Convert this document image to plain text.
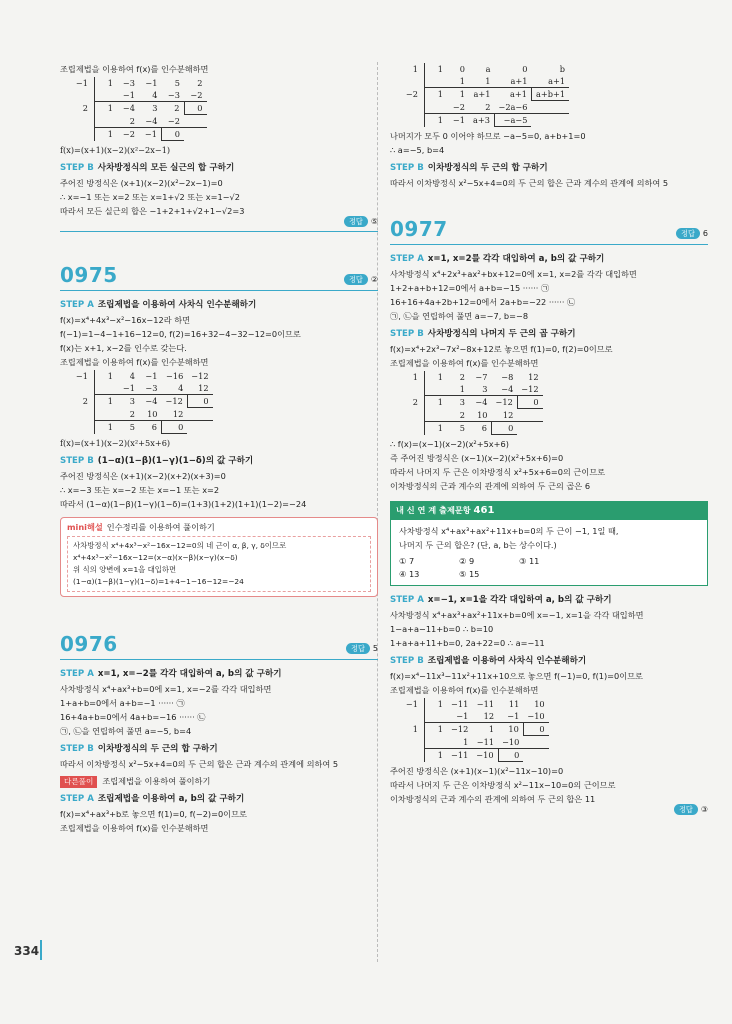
조립제법을 이용하여 f(x)를 인수분해하면
−1	1	−3	−1	5	2
		−1	4	−3	−2
2	1	−4	3	2	0
		2	−4	−2	
	1	−2	−1	0	
f(x)=(x+1)(x−2)(x²−2x−1)
STEP B 사차방정식의 모든 실근의 합 구하기
주어진 방정식은 (x+1)(x−2)(x²−2x−1)=0
∴ x=−1 또는 x=2 또는 x=1+√2 또는 x=1−√2
따라서 모든 실근의 합은 −1+2+1+√2+1−√2=3
정답 ⑤
0975	정답 ②
STEP A 조립제법을 이용하여 사차식 인수분해하기
f(x)=x⁴+4x³−x²−16x−12라 하면
f(−1)=1−4−1+16−12=0, f(2)=16+32−4−32−12=0이므로
f(x)는 x+1, x−2를 인수로 갖는다.
조립제법을 이용하여 f(x)를 인수분해하면
−1	1	4	−1	−16	−12
		−1	−3	4	12
2	1	3	−4	−12	0
		2	10	12	
	1	5	6	0	
f(x)=(x+1)(x−2)(x²+5x+6)
STEP B (1−α)(1−β)(1−γ)(1−δ)의 값 구하기
주어진 방정식은 (x+1)(x−2)(x+2)(x+3)=0
∴ x=−3 또는 x=−2 또는 x=−1 또는 x=2
따라서 (1−α)(1−β)(1−γ)(1−δ)=(1+3)(1+2)(1+1)(1−2)=−24
mini해설 인수정리를 이용하여 풀이하기
사차방정식 x⁴+4x³−x²−16x−12=0의 네 근이 α, β, γ, δ이므로
x⁴+4x³−x²−16x−12=(x−α)(x−β)(x−γ)(x−δ)
위 식의 양변에 x=1을 대입하면
(1−α)(1−β)(1−γ)(1−δ)=1+4−1−16−12=−24
0976	정답 5
STEP A x=1, x=−2를 각각 대입하여 a, b의 값 구하기
사차방정식 x⁴+ax³+b=0에 x=1, x=−2를 각각 대입하면
1+a+b=0에서 a+b=−1 ······ ㉠
16+4a+b=0에서 4a+b=−16 ······ ㉡
㉠, ㉡을 연립하여 풀면 a=−5, b=4
STEP B 이차방정식의 두 근의 합 구하기
따라서 이차방정식 x²−5x+4=0의 두 근의 합은 근과 계수의 관계에 의하여 5
다른풀이 조립제법을 이용하여 풀이하기
STEP A 조립제법을 이용하여 a, b의 값 구하기
f(x)=x⁴+ax³+b로 놓으면 f(1)=0, f(−2)=0이므로
조립제법을 이용하여 f(x)를 인수분해하면
1	1	0	a	0	b
		1	1	a+1	a+1
−2	1	1	a+1	a+1	a+b+1
		−2	2	−2a−6	
	1	−1	a+3	−a−5	
나머지가 모두 0 이어야 하므로 −a−5=0, a+b+1=0
∴ a=−5, b=4
STEP B 이차방정식의 두 근의 합 구하기
따라서 이차방정식 x²−5x+4=0의 두 근의 합은 근과 계수의 관계에 의하여 5
0977	정답 6
STEP A x=1, x=2를 각각 대입하여 a, b의 값 구하기
사차방정식 x⁴+2x³+ax²+bx+12=0에 x=1, x=2를 각각 대입하면
1+2+a+b+12=0에서 a+b=−15 ······ ㉠
16+16+4a+2b+12=0에서 2a+b=−22 ······ ㉡
㉠, ㉡을 연립하여 풀면 a=−7, b=−8
STEP B 사차방정식의 나머지 두 근의 곱 구하기
f(x)=x⁴+2x³−7x²−8x+12로 놓으면 f(1)=0, f(2)=0이므로
조립제법을 이용하여 f(x)를 인수분해하면
1	1	2	−7	−8	12
		1	3	−4	−12
2	1	3	−4	−12	0
		2	10	12	
	1	5	6	0	
∴ f(x)=(x−1)(x−2)(x²+5x+6)
즉 주어진 방정식은 (x−1)(x−2)(x²+5x+6)=0
따라서 나머지 두 근은 이차방정식 x²+5x+6=0의 근이므로
이차방정식의 근과 계수의 관계에 의하여 두 근의 곱은 6
내 신 연 계 출제문항 461
사차방정식 x⁴+ax³+ax²+11x+b=0의 두 근이 −1, 1일 때,
나머지 두 근의 합은? (단, a, b는 상수이다.)
① 7	② 9	③ 11
④ 13	⑤ 15
STEP A x=−1, x=1을 각각 대입하여 a, b의 값 구하기
사차방정식 x⁴+ax³+ax²+11x+b=0에 x=−1, x=1을 각각 대입하면
1−a+a−11+b=0 ∴ b=10
1+a+a+11+b=0, 2a+22=0 ∴ a=−11
STEP B 조립제법을 이용하여 사차식 인수분해하기
f(x)=x⁴−11x³−11x²+11x+10으로 놓으면 f(−1)=0, f(1)=0이므로
조립제법을 이용하여 f(x)를 인수분해하면
−1	1	−11	−11	11	10
		−1	12	−1	−10
1	1	−12	1	10	0
		1	−11	−10	
	1	−11	−10	0	
주어진 방정식은 (x+1)(x−1)(x²−11x−10)=0
따라서 나머지 두 근은 이차방정식 x²−11x−10=0의 근이므로
이차방정식의 근과 계수의 관계에 의하여 두 근의 합은 11
정답 ③
334
